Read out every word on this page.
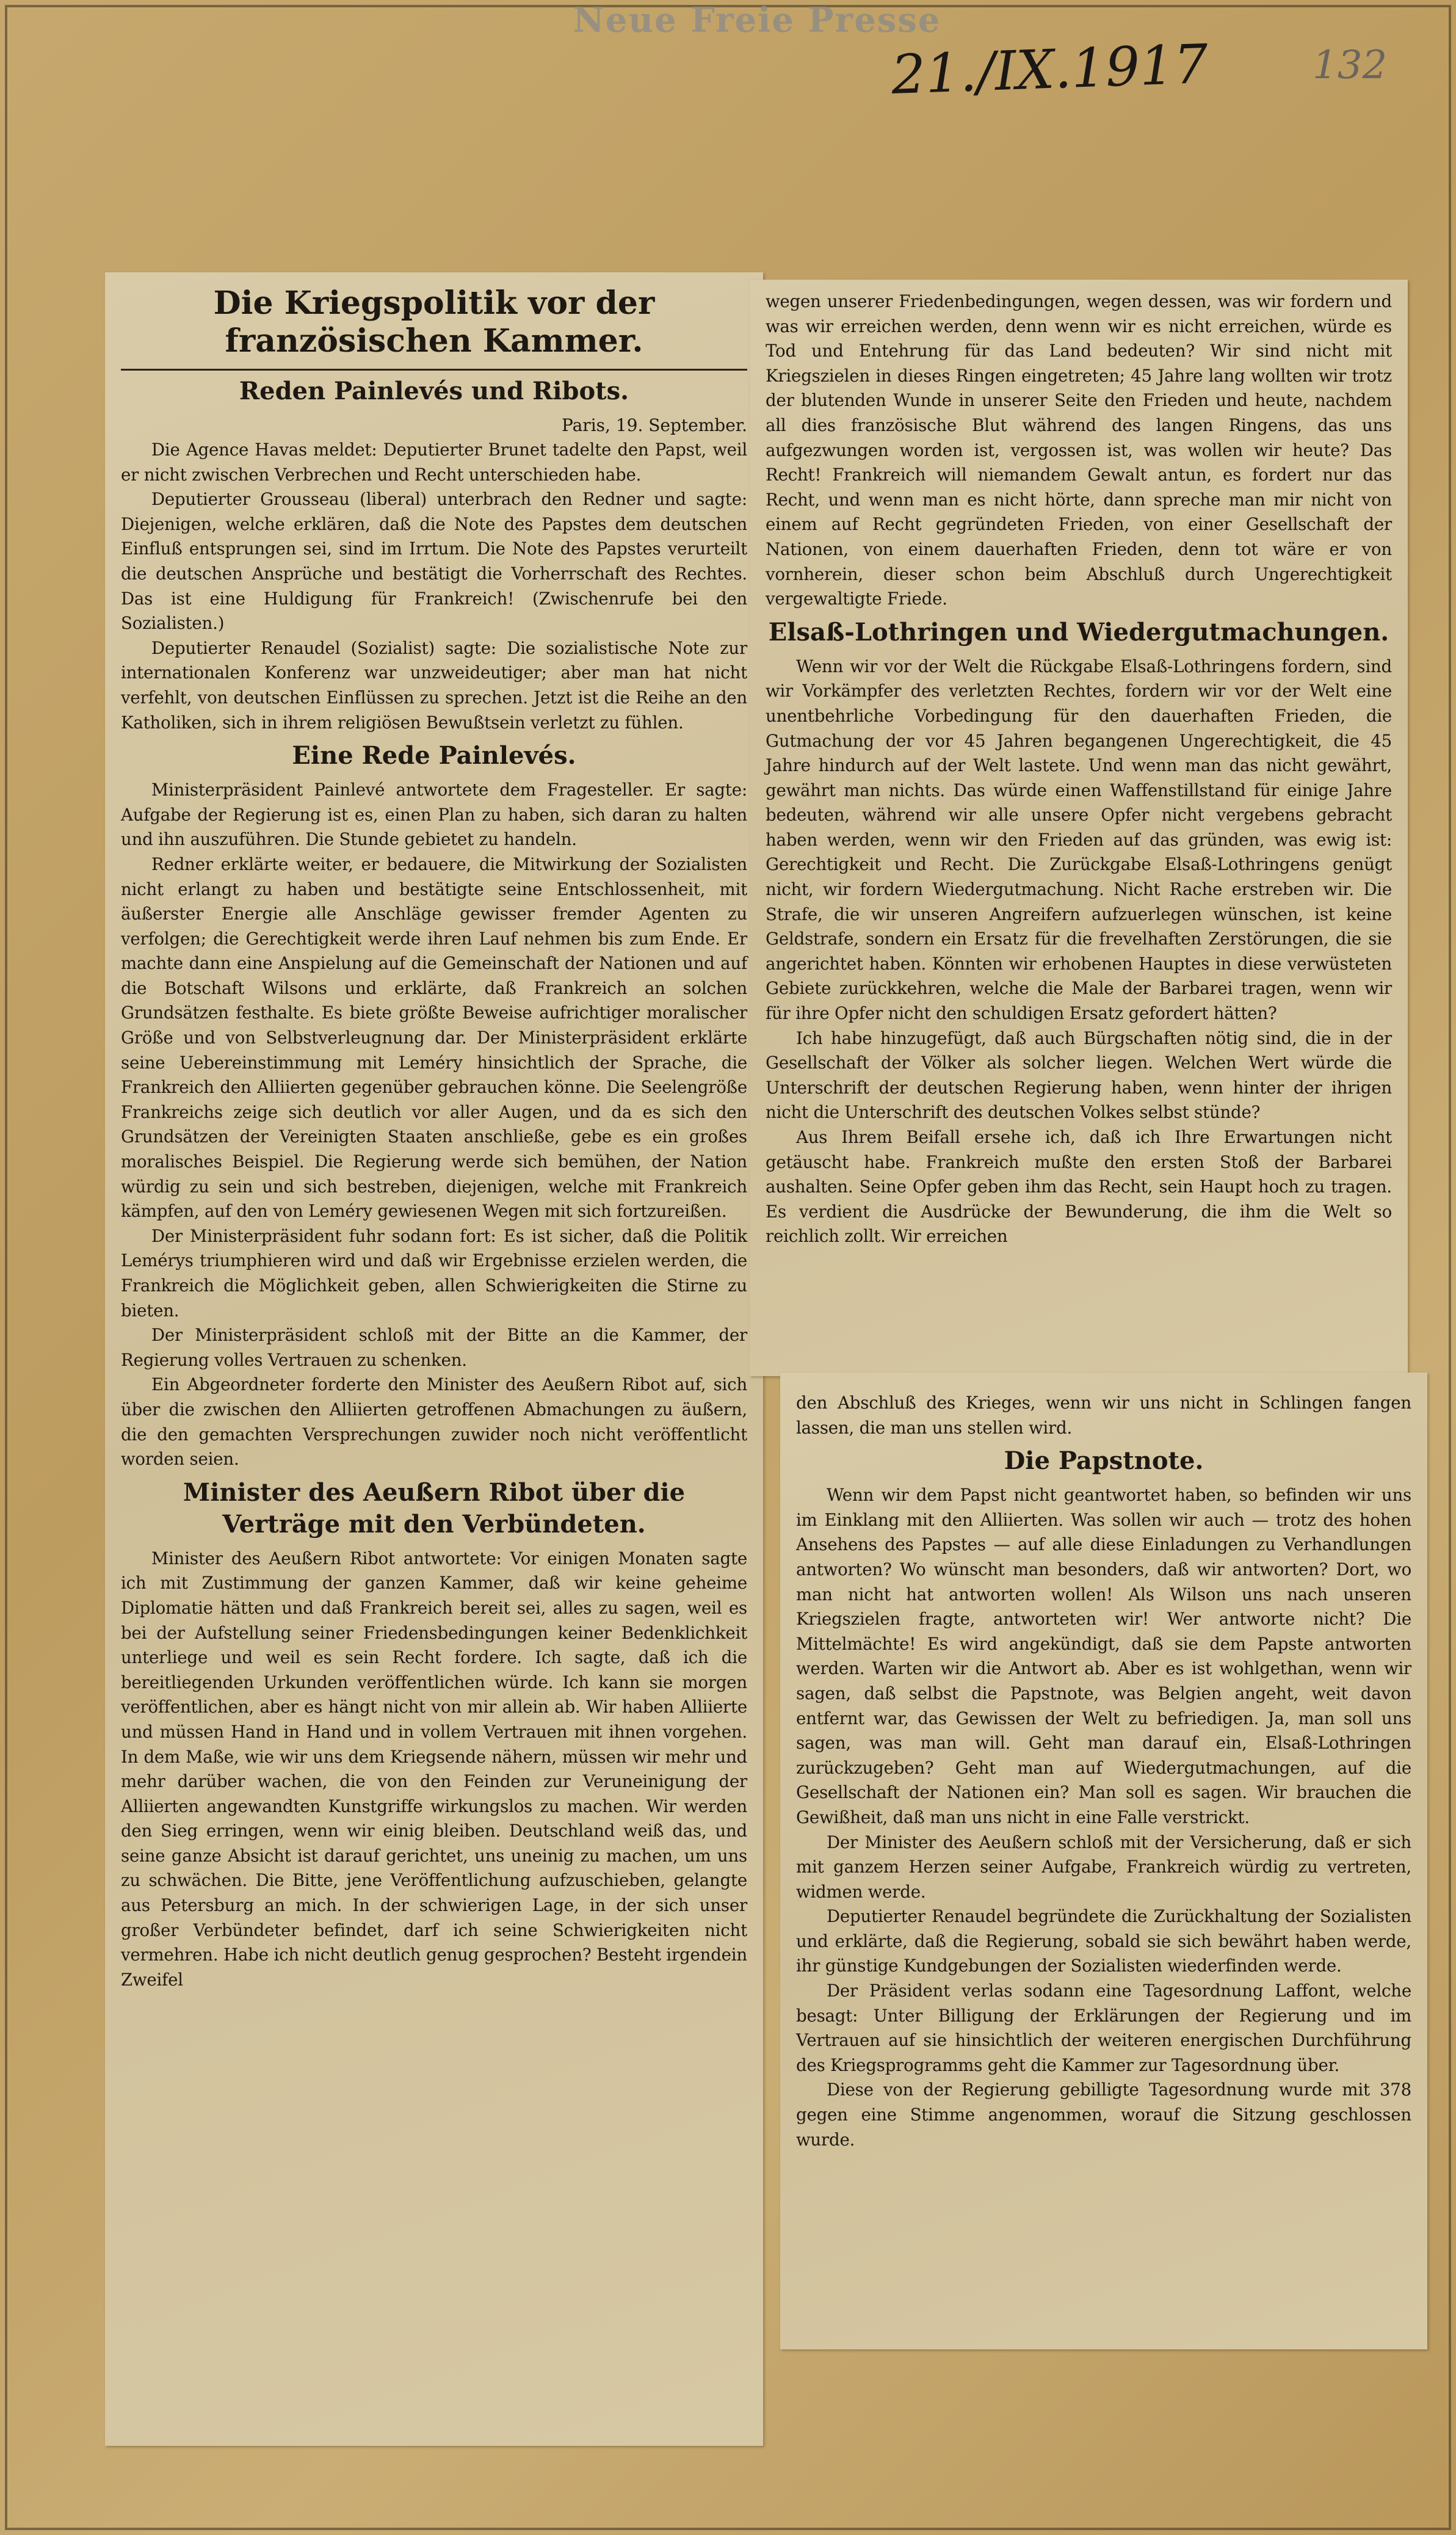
Neue Freie Presse
21./IX.1917	132
Die Kriegspolitik vor der französischen Kammer.
Reden Painlevés und Ribots.
Paris, 19. September.

Die Agence Havas meldet: Deputierter Brunet tadelte den Papst, weil er nicht zwischen Verbrechen und Recht unterschieden habe.

Deputierter Grousseau (liberal) unterbrach den Redner und sagte: Diejenigen, welche erklären, daß die Note des Papstes dem deutschen Einfluß entsprungen sei, sind im Irrtum. Die Note des Papstes verurteilt die deutschen Ansprüche und bestätigt die Vorherrschaft des Rechtes. Das ist eine Huldigung für Frankreich! (Zwischenrufe bei den Sozialisten.)

Deputierter Renaudel (Sozialist) sagte: Die sozialistische Note zur internationalen Konferenz war unzweideutiger; aber man hat nicht verfehlt, von deutschen Einflüssen zu sprechen. Jetzt ist die Reihe an den Katholiken, sich in ihrem religiösen Bewußtsein verletzt zu fühlen.

Eine Rede Painlevés.

Ministerpräsident Painlevé antwortete dem Fragesteller. Er sagte: Aufgabe der Regierung ist es, einen Plan zu haben, sich daran zu halten und ihn auszuführen. Die Stunde gebietet zu handeln.

Redner erklärte weiter, er bedauere, die Mitwirkung der Sozialisten nicht erlangt zu haben und bestätigte seine Entschlossenheit, mit äußerster Energie alle Anschläge gewisser fremder Agenten zu verfolgen; die Gerechtigkeit werde ihren Lauf nehmen bis zum Ende. Er machte dann eine Anspielung auf die Gemeinschaft der Nationen und auf die Botschaft Wilsons und erklärte, daß Frankreich an solchen Grundsätzen festhalte. Es biete größte Beweise aufrichtiger moralischer Größe und von Selbstverleugnung dar. Der Ministerpräsident erklärte seine Uebereinstimmung mit Leméry hinsichtlich der Sprache, die Frankreich den Alliierten gegenüber gebrauchen könne. Die Seelengröße Frankreichs zeige sich deutlich vor aller Augen, und da es sich den Grundsätzen der Vereinigten Staaten anschließe, gebe es ein großes moralisches Beispiel. Die Regierung werde sich bemühen, der Nation würdig zu sein und sich bestreben, diejenigen, welche mit Frankreich kämpfen, auf den von Leméry gewiesenen Wegen mit sich fortzureißen.

Der Ministerpräsident fuhr sodann fort: Es ist sicher, daß die Politik Lemérys triumphieren wird und daß wir Ergebnisse erzielen werden, die Frankreich die Möglichkeit geben, allen Schwierigkeiten die Stirne zu bieten.

Der Ministerpräsident schloß mit der Bitte an die Kammer, der Regierung volles Vertrauen zu schenken.

Ein Abgeordneter forderte den Minister des Aeußern Ribot auf, sich über die zwischen den Alliierten getroffenen Abmachungen zu äußern, die den gemachten Versprechungen zuwider noch nicht veröffentlicht worden seien.

Minister des Aeußern Ribot über die Verträge mit den Verbündeten.

Minister des Aeußern Ribot antwortete: Vor einigen Monaten sagte ich mit Zustimmung der ganzen Kammer, daß wir keine geheime Diplomatie hätten und daß Frankreich bereit sei, alles zu sagen, weil es bei der Aufstellung seiner Friedensbedingungen keiner Bedenklichkeit unterliege und weil es sein Recht fordere. Ich sagte, daß ich die bereitliegenden Urkunden veröffentlichen würde. Ich kann sie morgen veröffentlichen, aber es hängt nicht von mir allein ab. Wir haben Alliierte und müssen Hand in Hand und in vollem Vertrauen mit ihnen vorgehen. In dem Maße, wie wir uns dem Kriegsende nähern, müssen wir mehr und mehr darüber wachen, die von den Feinden zur Veruneinigung der Alliierten angewandten Kunstgriffe wirkungslos zu machen. Wir werden den Sieg erringen, wenn wir einig bleiben. Deutschland weiß das, und seine ganze Absicht ist darauf gerichtet, uns uneinig zu machen, um uns zu schwächen. Die Bitte, jene Veröffentlichung aufzuschieben, gelangte aus Petersburg an mich. In der schwierigen Lage, in der sich unser großer Verbündeter befindet, darf ich seine Schwierigkeiten nicht vermehren. Habe ich nicht deutlich genug gesprochen? Besteht irgendein Zweifel

wegen unserer Friedenbedingungen, wegen dessen, was wir fordern und was wir erreichen werden, denn wenn wir es nicht erreichen, würde es Tod und Entehrung für das Land bedeuten? Wir sind nicht mit Kriegszielen in dieses Ringen eingetreten; 45 Jahre lang wollten wir trotz der blutenden Wunde in unserer Seite den Frieden und heute, nachdem all dies französische Blut während des langen Ringens, das uns aufgezwungen worden ist, vergossen ist, was wollen wir heute? Das Recht! Frankreich will niemandem Gewalt antun, es fordert nur das Recht, und wenn man es nicht hörte, dann spreche man mir nicht von einem auf Recht gegründeten Frieden, von einer Gesellschaft der Nationen, von einem dauerhaften Frieden, denn tot wäre er von vornherein, dieser schon beim Abschluß durch Ungerechtigkeit vergewaltigte Friede.

Elsaß-Lothringen und Wiedergutmachungen.

Wenn wir vor der Welt die Rückgabe Elsaß-Lothringens fordern, sind wir Vorkämpfer des verletzten Rechtes, fordern wir vor der Welt eine unentbehrliche Vorbedingung für den dauerhaften Frieden, die Gutmachung der vor 45 Jahren begangenen Ungerechtigkeit, die 45 Jahre hindurch auf der Welt lastete. Und wenn man das nicht gewährt, gewährt man nichts. Das würde einen Waffenstillstand für einige Jahre bedeuten, während wir alle unsere Opfer nicht vergebens gebracht haben werden, wenn wir den Frieden auf das gründen, was ewig ist: Gerechtigkeit und Recht. Die Zurückgabe Elsaß-Lothringens genügt nicht, wir fordern Wiedergutmachung. Nicht Rache erstreben wir. Die Strafe, die wir unseren Angreifern aufzuerlegen wünschen, ist keine Geldstrafe, sondern ein Ersatz für die frevelhaften Zerstörungen, die sie angerichtet haben. Könnten wir erhobenen Hauptes in diese verwüsteten Gebiete zurückkehren, welche die Male der Barbarei tragen, wenn wir für ihre Opfer nicht den schuldigen Ersatz gefordert hätten?

Ich habe hinzugefügt, daß auch Bürgschaften nötig sind, die in der Gesellschaft der Völker als solcher liegen. Welchen Wert würde die Unterschrift der deutschen Regierung haben, wenn hinter der ihrigen nicht die Unterschrift des deutschen Volkes selbst stünde?

Aus Ihrem Beifall ersehe ich, daß ich Ihre Erwartungen nicht getäuscht habe. Frankreich mußte den ersten Stoß der Barbarei aushalten. Seine Opfer geben ihm das Recht, sein Haupt hoch zu tragen. Es verdient die Ausdrücke der Bewunderung, die ihm die Welt so reichlich zollt. Wir erreichen

den Abschluß des Krieges, wenn wir uns nicht in Schlingen fangen lassen, die man uns stellen wird.

Die Papstnote.

Wenn wir dem Papst nicht geantwortet haben, so befinden wir uns im Einklang mit den Alliierten. Was sollen wir auch — trotz des hohen Ansehens des Papstes — auf alle diese Einladungen zu Verhandlungen antworten? Wo wünscht man besonders, daß wir antworten? Dort, wo man nicht hat antworten wollen! Als Wilson uns nach unseren Kriegszielen fragte, antworteten wir! Wer antworte nicht? Die Mittelmächte! Es wird angekündigt, daß sie dem Papste antworten werden. Warten wir die Antwort ab. Aber es ist wohlgethan, wenn wir sagen, daß selbst die Papstnote, was Belgien angeht, weit davon entfernt war, das Gewissen der Welt zu befriedigen. Ja, man soll uns sagen, was man will. Geht man darauf ein, Elsaß-Lothringen zurückzugeben? Geht man auf Wiedergutmachungen, auf die Gesellschaft der Nationen ein? Man soll es sagen. Wir brauchen die Gewißheit, daß man uns nicht in eine Falle verstrickt.

Der Minister des Aeußern schloß mit der Versicherung, daß er sich mit ganzem Herzen seiner Aufgabe, Frankreich würdig zu vertreten, widmen werde.

Deputierter Renaudel begründete die Zurückhaltung der Sozialisten und erklärte, daß die Regierung, sobald sie sich bewährt haben werde, ihr günstige Kundgebungen der Sozialisten wiederfinden werde.

Der Präsident verlas sodann eine Tagesordnung Laffont, welche besagt: Unter Billigung der Erklärungen der Regierung und im Vertrauen auf sie hinsichtlich der weiteren energischen Durchführung des Kriegsprogramms geht die Kammer zur Tagesordnung über.

Diese von der Regierung gebilligte Tagesordnung wurde mit 378 gegen eine Stimme angenommen, worauf die Sitzung geschlossen wurde.
